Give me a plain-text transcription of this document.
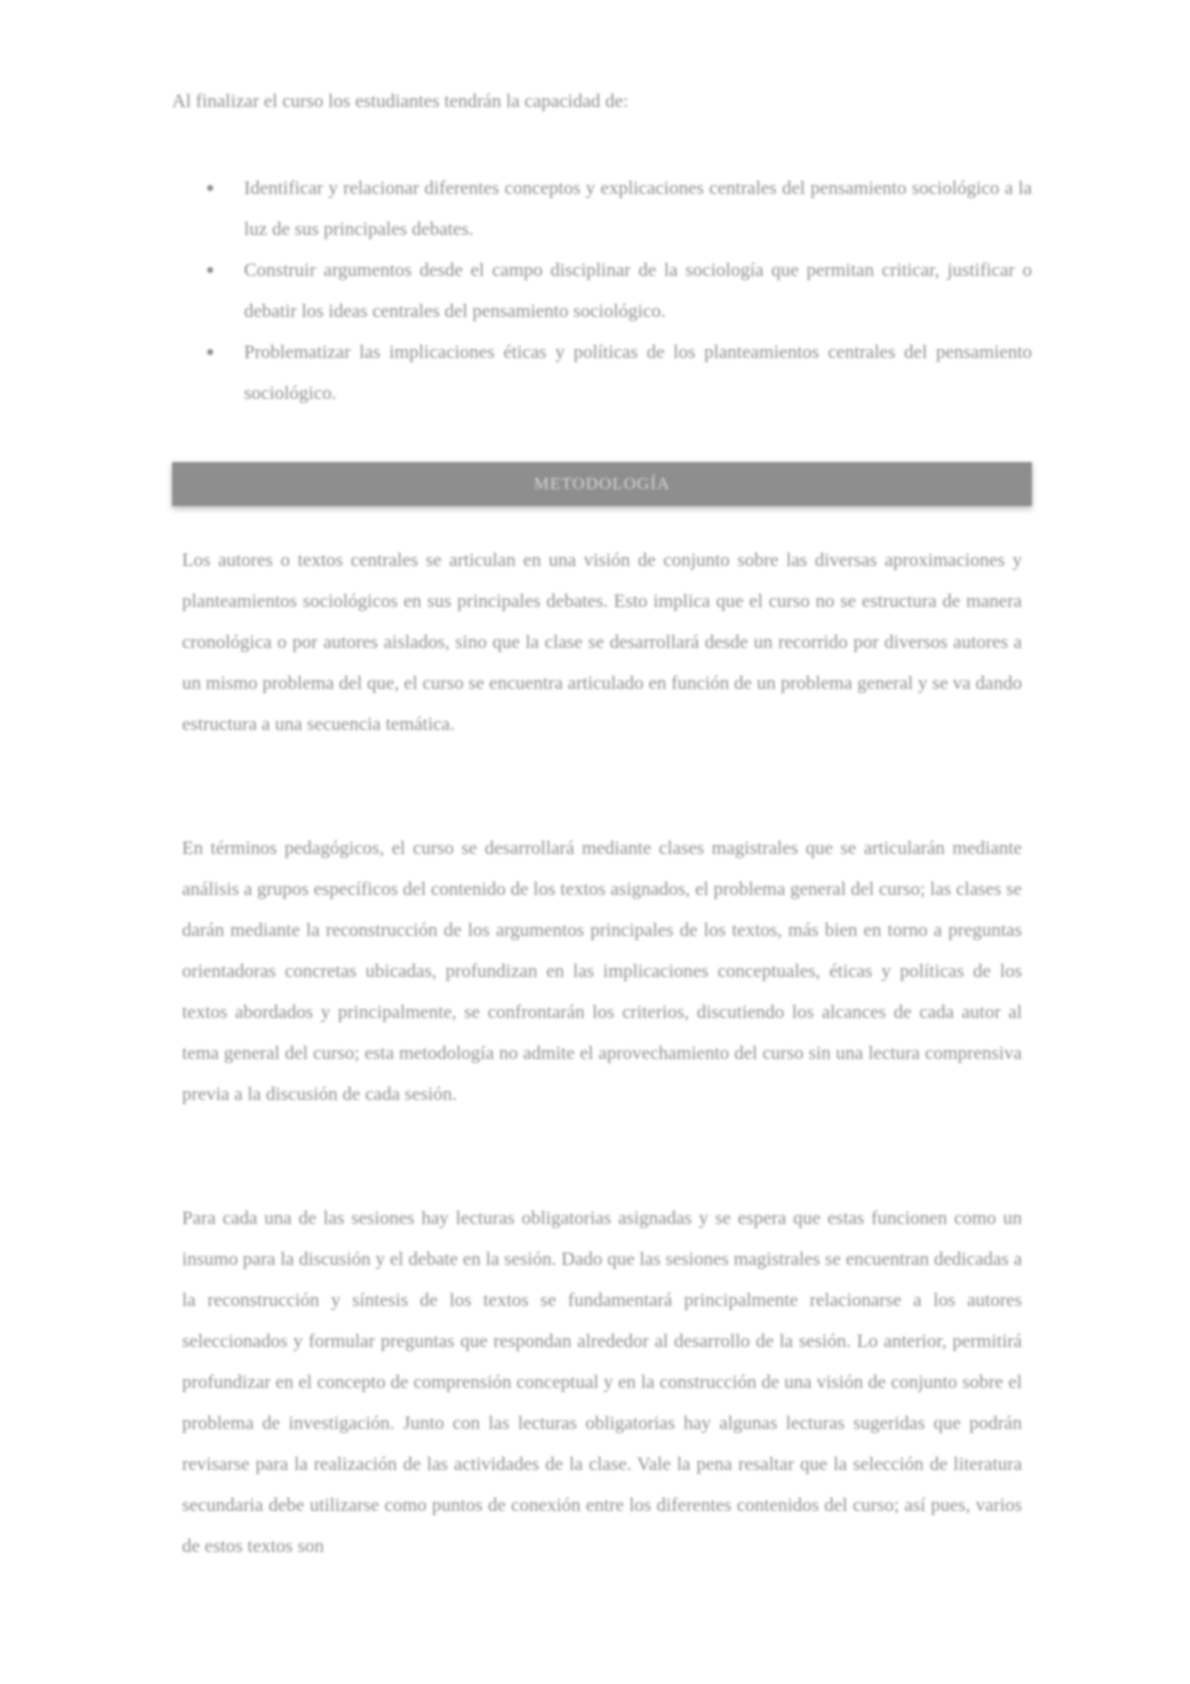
Al finalizar el curso los estudiantes tendrán la capacidad de:
● Identificar y relacionar diferentes conceptos y explicaciones centrales del pensamiento sociológico a la luz de sus principales debates.
● Construir argumentos desde el campo disciplinar de la sociología que permitan criticar, justificar o debatir los ideas centrales del pensamiento sociológico.
● Problematizar las implicaciones éticas y políticas de los planteamientos centrales del pensamiento sociológico.
METODOLOGÍA

Los autores o textos centrales se articulan en una visión de conjunto sobre las diversas aproximaciones y planteamientos sociológicos en sus principales debates. Esto implica que el curso no se estructura de manera cronológica o por autores aislados, sino que la clase se desarrollará desde un recorrido por diversos autores a un mismo problema del que, el curso se encuentra articulado en función de un problema general y se va dando estructura a una secuencia temática.

En términos pedagógicos, el curso se desarrollará mediante clases magistrales que se articularán mediante análisis a grupos específicos del contenido de los textos asignados, el problema general del curso; las clases se darán mediante la reconstrucción de los argumentos principales de los textos, más bien en torno a preguntas orientadoras concretas ubicadas, profundizan en las implicaciones conceptuales, éticas y políticas de los textos abordados y principalmente, se confrontarán los criterios, discutiendo los alcances de cada autor al tema general del curso; esta metodología no admite el aprovechamiento del curso sin una lectura comprensiva previa a la discusión de cada sesión.

Para cada una de las sesiones hay lecturas obligatorias asignadas y se espera que estas funcionen como un insumo para la discusión y el debate en la sesión. Dado que las sesiones magistrales se encuentran dedicadas a la reconstrucción y síntesis de los textos se fundamentará principalmente relacionarse a los autores seleccionados y formular preguntas que respondan alrededor al desarrollo de la sesión. Lo anterior, permitirá profundizar en el concepto de comprensión conceptual y en la construcción de una visión de conjunto sobre el problema de investigación. Junto con las lecturas obligatorias hay algunas lecturas sugeridas que podrán revisarse para la realización de las actividades de la clase. Vale la pena resaltar que la selección de literatura secundaria debe utilizarse como puntos de conexión entre los diferentes contenidos del curso; así pues, varios de estos textos son
